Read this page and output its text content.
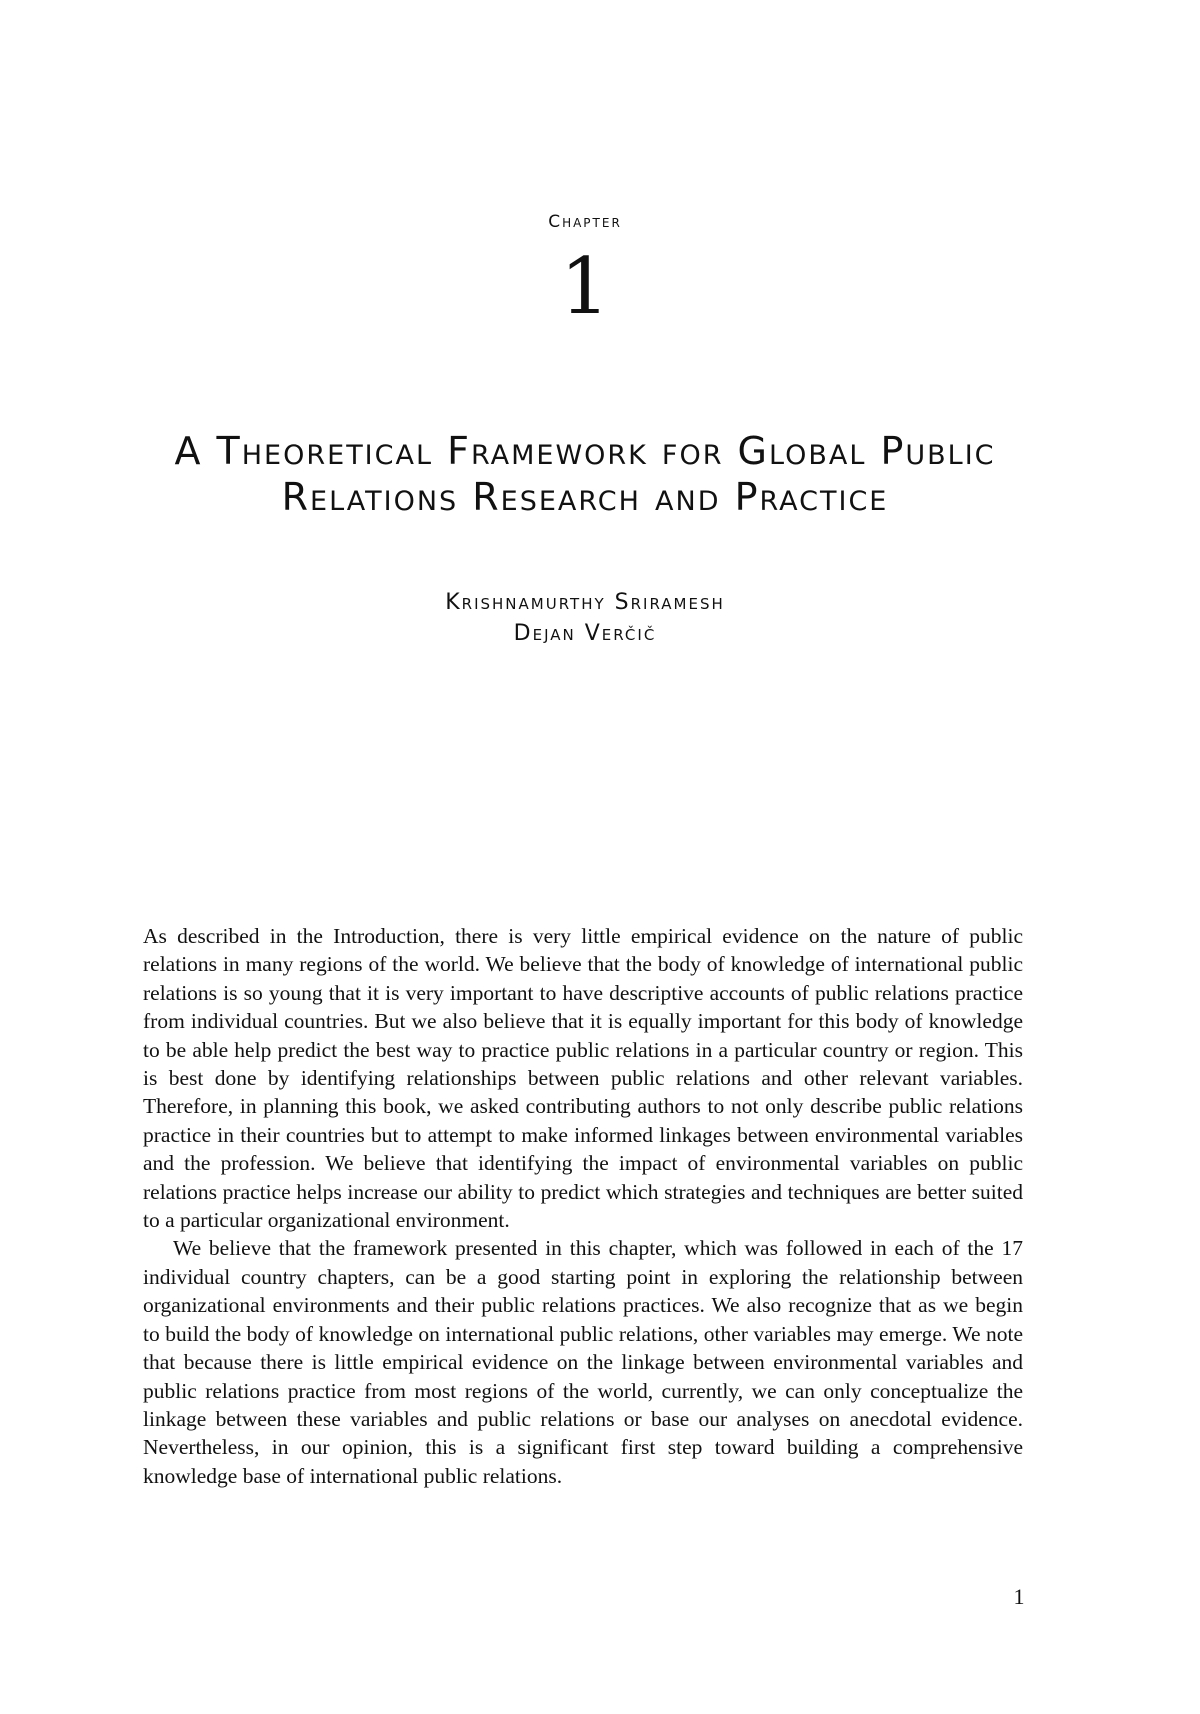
Chapter
1
A Theoretical Framework for Global Public Relations Research and Practice
Krishnamurthy Sriramesh
Dejan Verčič

As described in the Introduction, there is very little empirical evidence on the nature of public relations in many regions of the world. We believe that the body of knowledge of international public relations is so young that it is very important to have descriptive accounts of public relations practice from individual countries. But we also believe that it is equally important for this body of knowledge to be able help predict the best way to practice public relations in a particular country or region. This is best done by identifying relationships between public relations and other relevant variables. Therefore, in planning this book, we asked contributing authors to not only describe public relations practice in their countries but to attempt to make informed linkages between environmental variables and the profession. We believe that identifying the impact of environmental variables on public relations practice helps increase our ability to predict which strategies and techniques are better suited to a particular organizational environment.

We believe that the framework presented in this chapter, which was followed in each of the 17 individual country chapters, can be a good starting point in exploring the relationship between organizational environments and their public relations practices. We also recognize that as we begin to build the body of knowledge on international public relations, other variables may emerge. We note that because there is little empirical evidence on the linkage between environmental variables and public relations practice from most regions of the world, currently, we can only conceptualize the linkage between these variables and public relations or base our analyses on anecdotal evidence. Nevertheless, in our opinion, this is a significant first step toward building a comprehensive knowledge base of international public relations.

1
